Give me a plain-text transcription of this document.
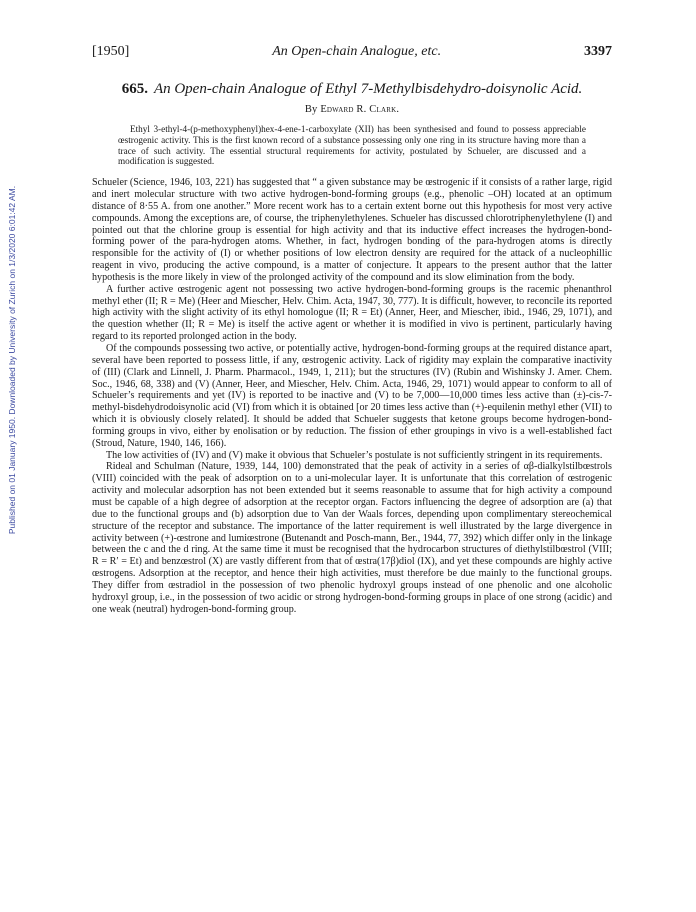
Published on 01 January 1950. Downloaded by University of Zurich on 1/3/2020 6:01:42 AM.
[1950]	An Open-chain Analogue, etc.	3397
665. An Open-chain Analogue of Ethyl 7-Methylbisdehydro-doisynolic Acid.
By Edward R. Clark.

Ethyl 3-ethyl-4-(p-methoxyphenyl)hex-4-ene-1-carboxylate (XII) has been synthesised and found to possess appreciable œstrogenic activity. This is the first known record of a substance possessing only one ring in its structure having more than a trace of such activity. The essential structural requirements for activity, postulated by Schueler, are discussed and a modification is suggested.

Schueler (Science, 1946, 103, 221) has suggested that “ a given substance may be œstrogenic if it consists of a rather large, rigid and inert molecular structure with two active hydrogen-bond-forming groups (e.g., phenolic –OH) located at an optimum distance of 8·55 A. from one another.” More recent work has to a certain extent borne out this hypothesis for most very active compounds. Among the exceptions are, of course, the triphenylethylenes. Schueler has discussed chlorotriphenylethylene (I) and pointed out that the chlorine group is essential for high activity and that its inductive effect increases the hydrogen-bond-forming power of the para-hydrogen atoms. Whether, in fact, hydrogen bonding of the para-hydrogen atoms is directly responsible for the activity of (I) or whether positions of low electron density are required for the attack of a nucleophillic reagent in vivo, producing the active compound, is a matter of conjecture. It appears to the present author that the latter hypothesis is the more likely in view of the prolonged activity of the compound and its slow elimination from the body.

A further active œstrogenic agent not possessing two active hydrogen-bond-forming groups is the racemic phenanthrol methyl ether (II; R = Me) (Heer and Miescher, Helv. Chim. Acta, 1947, 30, 777). It is difficult, however, to reconcile its reported high activity with the slight activity of its ethyl homologue (II; R = Et) (Anner, Heer, and Miescher, ibid., 1946, 29, 1071), and the question whether (II; R = Me) is itself the active agent or whether it is modified in vivo is pertinent, particularly having regard to its reported prolonged action in the body.

Of the compounds possessing two active, or potentially active, hydrogen-bond-forming groups at the required distance apart, several have been reported to possess little, if any, œstrogenic activity. Lack of rigidity may explain the comparative inactivity of (III) (Clark and Linnell, J. Pharm. Pharmacol., 1949, 1, 211); but the structures (IV) (Rubin and Wishinsky J. Amer. Chem. Soc., 1946, 68, 338) and (V) (Anner, Heer, and Miescher, Helv. Chim. Acta, 1946, 29, 1071) would appear to conform to all of Schueler’s requirements and yet (IV) is reported to be inactive and (V) to be 7,000—10,000 times less active than (±)-cis-7-methyl-bisdehydrodoisynolic acid (VI) from which it is obtained [or 20 times less active than (+)-equilenin methyl ether (VII) to which it is obviously closely related]. It should be added that Schueler suggests that ketone groups become hydrogen-bond-forming groups in vivo, either by enolisation or by reduction. The fission of ether groupings in vivo is a well-established fact (Stroud, Nature, 1940, 146, 166).

The low activities of (IV) and (V) make it obvious that Schueler’s postulate is not sufficiently stringent in its requirements.

Rideal and Schulman (Nature, 1939, 144, 100) demonstrated that the peak of activity in a series of αβ-dialkylstilbœstrols (VIII) coincided with the peak of adsorption on to a uni-molecular layer. It is unfortunate that this correlation of œstrogenic activity and molecular adsorption has not been extended but it seems reasonable to assume that for high activity a compound must be capable of a high degree of adsorption at the receptor organ. Factors influencing the degree of adsorption are (a) that due to the functional groups and (b) adsorption due to Van der Waals forces, depending upon complimentary stereochemical structure of the receptor and substance. The importance of the latter requirement is well illustrated by the large divergence in activity between (+)-œstrone and lumiœstrone (Butenandt and Posch-mann, Ber., 1944, 77, 392) which differ only in the linkage between the c and the d ring. At the same time it must be recognised that the hydrocarbon structures of diethylstilbœstrol (VIII; R = R′ = Et) and benzœstrol (X) are vastly different from that of œstra(17β)diol (IX), and yet these compounds are highly active œstrogens. Adsorption at the receptor, and hence their high activities, must therefore be due mainly to the functional groups. They differ from œstradiol in the possession of two phenolic hydroxyl groups instead of one phenolic and one alcoholic hydroxyl group, i.e., in the possession of two acidic or strong hydrogen-bond-forming groups in place of one strong (acidic) and one weak (neutral) hydrogen-bond-forming group.
